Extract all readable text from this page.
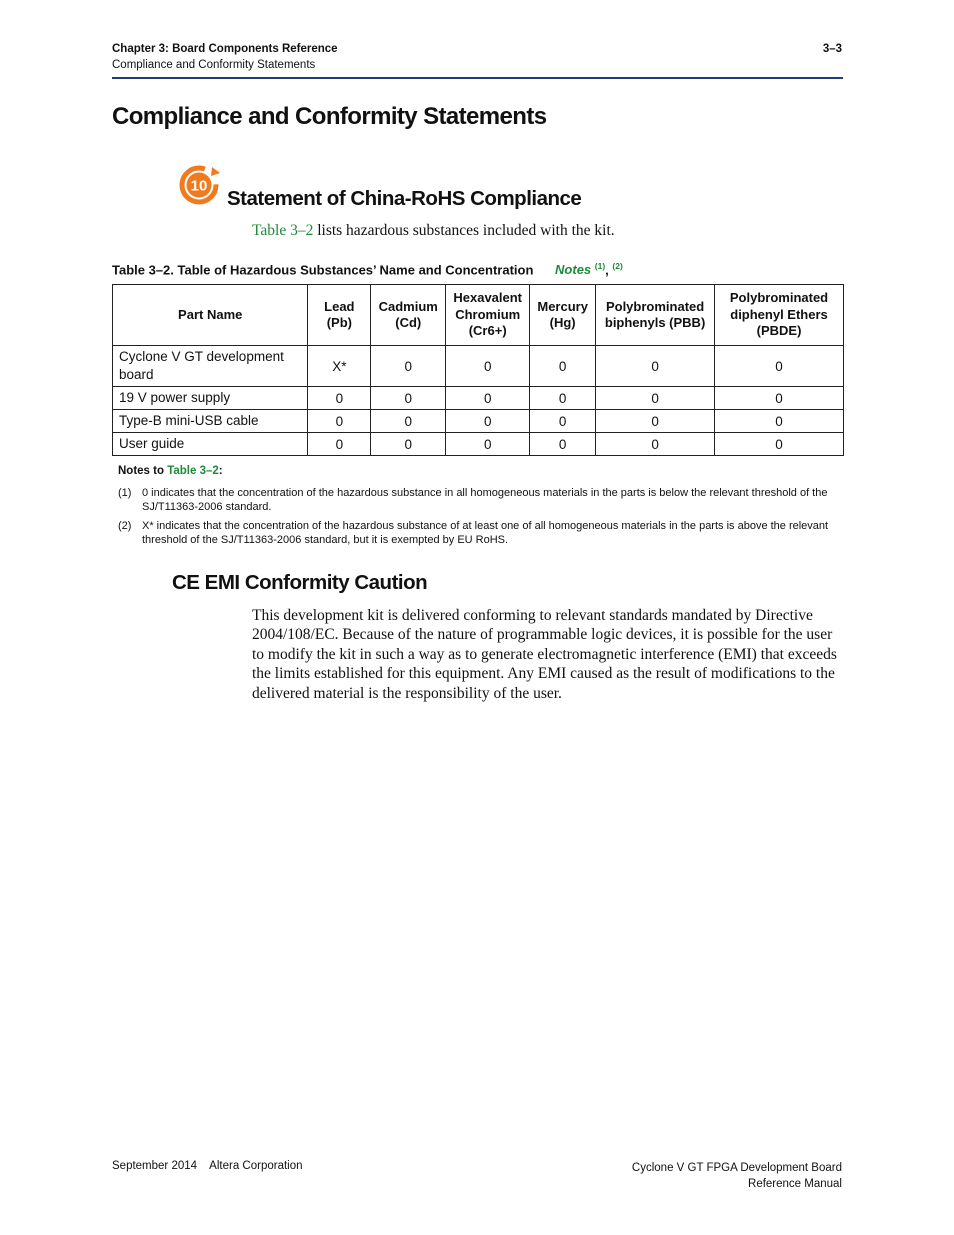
Chapter 3: Board Components Reference
Compliance and Conformity Statements
3–3
Compliance and Conformity Statements
10
Statement of China-RoHS Compliance
Table 3–2 lists hazardous substances included with the kit.
Table 3–2. Table of Hazardous Substances’ Name and Concentration Notes $^{(1)}$, $^{(2)}$
Part Name	Lead (Pb)	Cadmium (Cd)	Hexavalent Chromium (Cr6+)	Mercury (Hg)	Polybrominated biphenyls (PBB)	Polybrominated diphenyl Ethers (PBDE)
Cyclone V GT development board	X*	0	0	0	0	0
19 V power supply	0	0	0	0	0	0
Type-B mini-USB cable	0	0	0	0	0	0
User guide	0	0	0	0	0	0
Notes to Table 3–2:
(1) 0 indicates that the concentration of the hazardous substance in all homogeneous materials in the parts is below the relevant threshold of the SJ/T11363-2006 standard.
(2) X* indicates that the concentration of the hazardous substance of at least one of all homogeneous materials in the parts is above the relevant threshold of the SJ/T11363-2006 standard, but it is exempted by EU RoHS.
CE EMI Conformity Caution
This development kit is delivered conforming to relevant standards mandated by Directive 2004/108/EC. Because of the nature of programmable logic devices, it is possible for the user to modify the kit in such a way as to generate electromagnetic interference (EMI) that exceeds the limits established for this equipment. Any EMI caused as the result of modifications to the delivered material is the responsibility of the user.
September 2014    Altera Corporation	Cyclone V GT FPGA Development Board
Reference Manual
